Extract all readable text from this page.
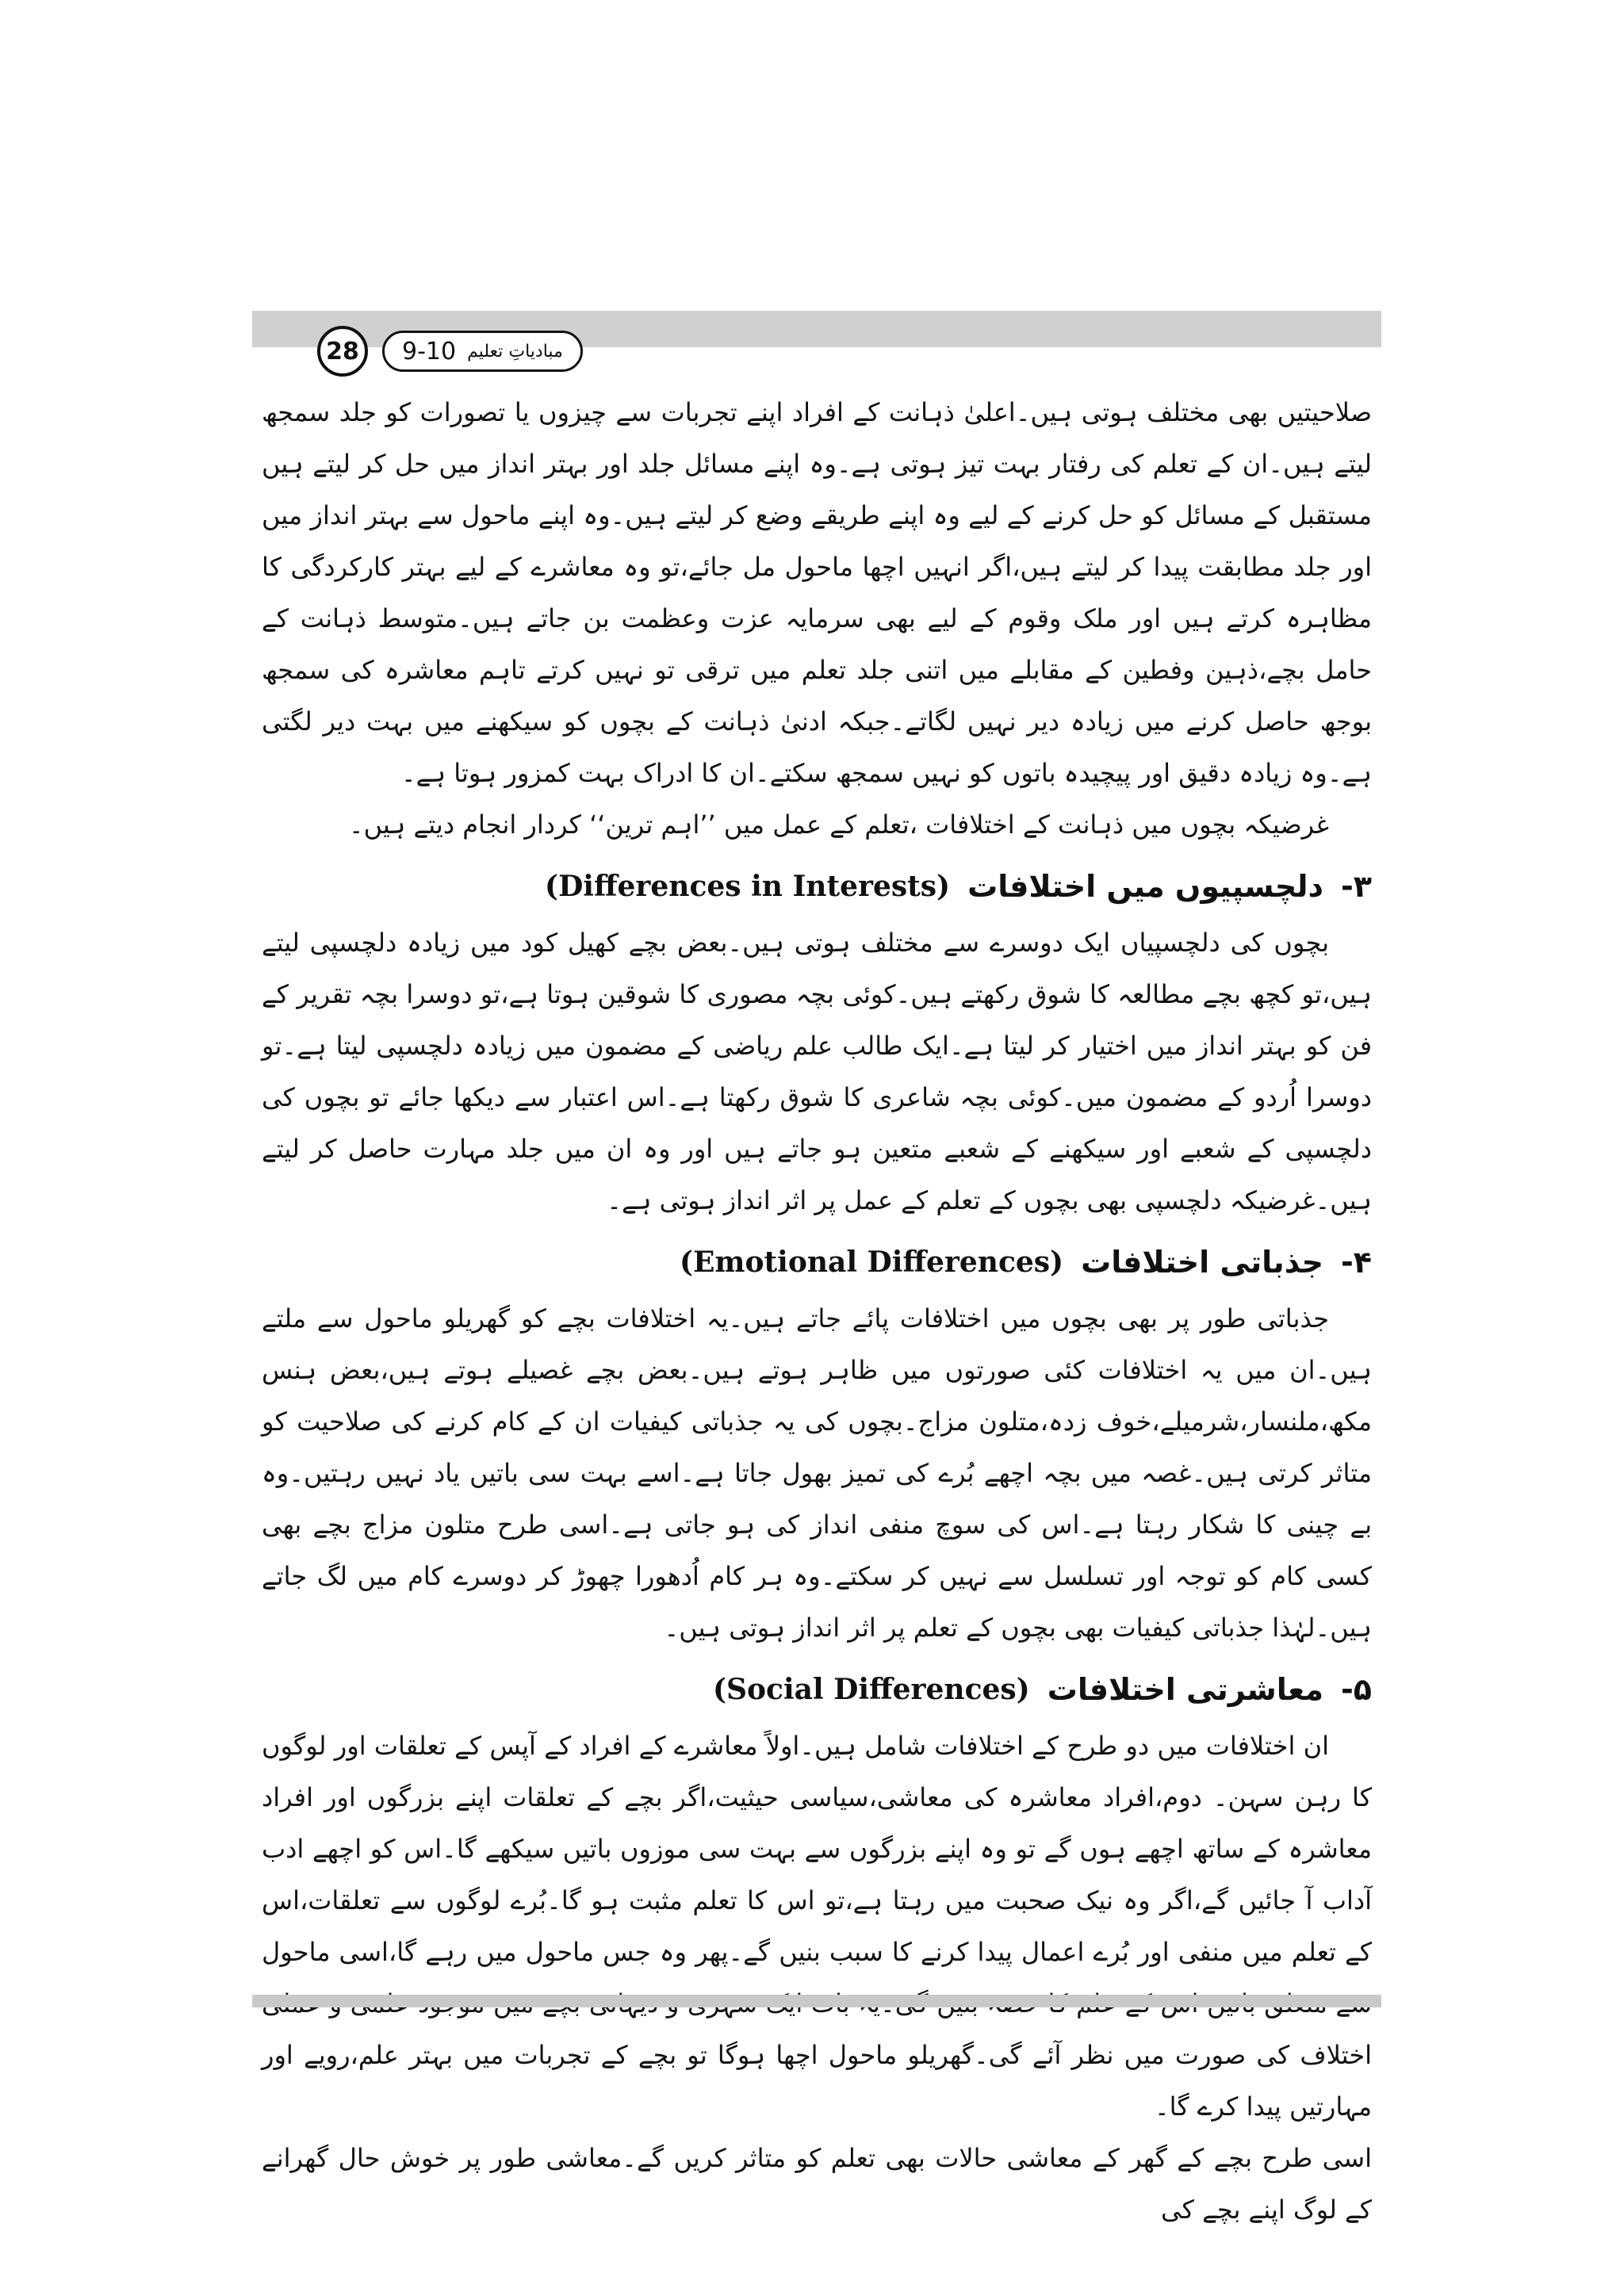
28	9-10 مبادیاتِ تعلیم

صلاحیتیں بھی مختلف ہوتی ہیں۔اعلیٰ ذہانت کے افراد اپنے تجربات سے چیزوں یا تصورات کو جلد سمجھ لیتے ہیں۔ان کے تعلم کی رفتار بہت تیز ہوتی ہے۔وہ اپنے مسائل جلد اور بہتر انداز میں حل کر لیتے ہیں مستقبل کے مسائل کو حل کرنے کے لیے وہ اپنے طریقے وضع کر لیتے ہیں۔وہ اپنے ماحول سے بہتر انداز میں اور جلد مطابقت پیدا کر لیتے ہیں،اگر انہیں اچھا ماحول مل جائے،تو وہ معاشرے کے لیے بہتر کارکردگی کا مظاہرہ کرتے ہیں اور ملک وقوم کے لیے بھی سرمایہ عزت وعظمت بن جاتے ہیں۔متوسط ذہانت کے حامل بچے،ذہین وفطین کے مقابلے میں اتنی جلد تعلم میں ترقی تو نہیں کرتے تاہم معاشرہ کی سمجھ بوجھ حاصل کرنے میں زیادہ دیر نہیں لگاتے۔جبکہ ادنیٰ ذہانت کے بچوں کو سیکھنے میں بہت دیر لگتی ہے۔وہ زیادہ دقیق اور پیچیدہ باتوں کو نہیں سمجھ سکتے۔ان کا ادراک بہت کمزور ہوتا ہے۔

غرضیکہ بچوں میں ذہانت کے اختلافات ،تعلم کے عمل میں ’’اہم ترین‘‘ کردار انجام دیتے ہیں۔

۳-
دلچسپیوں میں اختلافات
(Differences in Interests)

بچوں کی دلچسپیاں ایک دوسرے سے مختلف ہوتی ہیں۔بعض بچے کھیل کود میں زیادہ دلچسپی لیتے ہیں،تو کچھ بچے مطالعہ کا شوق رکھتے ہیں۔کوئی بچہ مصوری کا شوقین ہوتا ہے،تو دوسرا بچہ تقریر کے فن کو بہتر انداز میں اختیار کر لیتا ہے۔ایک طالب علم ریاضی کے مضمون میں زیادہ دلچسپی لیتا ہے۔تو دوسرا اُردو کے مضمون میں۔کوئی بچہ شاعری کا شوق رکھتا ہے۔اس اعتبار سے دیکھا جائے تو بچوں کی دلچسپی کے شعبے اور سیکھنے کے شعبے متعین ہو جاتے ہیں اور وہ ان میں جلد مہارت حاصل کر لیتے ہیں۔غرضیکہ دلچسپی بھی بچوں کے تعلم کے عمل پر اثر انداز ہوتی ہے۔

۴-
جذباتی اختلافات
(Emotional Differences)

جذباتی طور پر بھی بچوں میں اختلافات پائے جاتے ہیں۔یہ اختلافات بچے کو گھریلو ماحول سے ملتے ہیں۔ان میں یہ اختلافات کئی صورتوں میں ظاہر ہوتے ہیں۔بعض بچے غصیلے ہوتے ہیں،بعض ہنس مکھ،ملنسار،شرمیلے،خوف زدہ،متلون مزاج۔بچوں کی یہ جذباتی کیفیات ان کے کام کرنے کی صلاحیت کو متاثر کرتی ہیں۔غصہ میں بچہ اچھے بُرے کی تمیز بھول جاتا ہے۔اسے بہت سی باتیں یاد نہیں رہتیں۔وہ بے چینی کا شکار رہتا ہے۔اس کی سوچ منفی انداز کی ہو جاتی ہے۔اسی طرح متلون مزاج بچے بھی کسی کام کو توجہ اور تسلسل سے نہیں کر سکتے۔وہ ہر کام اُدھورا چھوڑ کر دوسرے کام میں لگ جاتے ہیں۔لہٰذا جذباتی کیفیات بھی بچوں کے تعلم پر اثر انداز ہوتی ہیں۔

۵-
معاشرتی اختلافات
(Social Differences)

ان اختلافات میں دو طرح کے اختلافات شامل ہیں۔اولاً معاشرے کے افراد کے آپس کے تعلقات اور لوگوں کا رہن سہن۔ دوم،افراد معاشرہ کی معاشی،سیاسی حیثیت،اگر بچے کے تعلقات اپنے بزرگوں اور افراد معاشرہ کے ساتھ اچھے ہوں گے تو وہ اپنے بزرگوں سے بہت سی موزوں باتیں سیکھے گا۔اس کو اچھے ادب آداب آ جائیں گے،اگر وہ نیک صحبت میں رہتا ہے،تو اس کا تعلم مثبت ہو گا۔بُرے لوگوں سے تعلقات،اس کے تعلم میں منفی اور بُرے اعمال پیدا کرنے کا سبب بنیں گے۔پھر وہ جس ماحول میں رہے گا،اسی ماحول اختلاف کی صورت میں نظر آئے گی۔گھریلو ماحول اچھا ہوگا تو بچے کے تجربات میں بہتر علم،رویے اور مہارتیں پیدا کرے گا۔

اسی طرح بچے کے گھر کے معاشی حالات بھی تعلم کو متاثر کریں گے۔معاشی طور پر خوش حال گھرانے کے لوگ اپنے بچے کی
